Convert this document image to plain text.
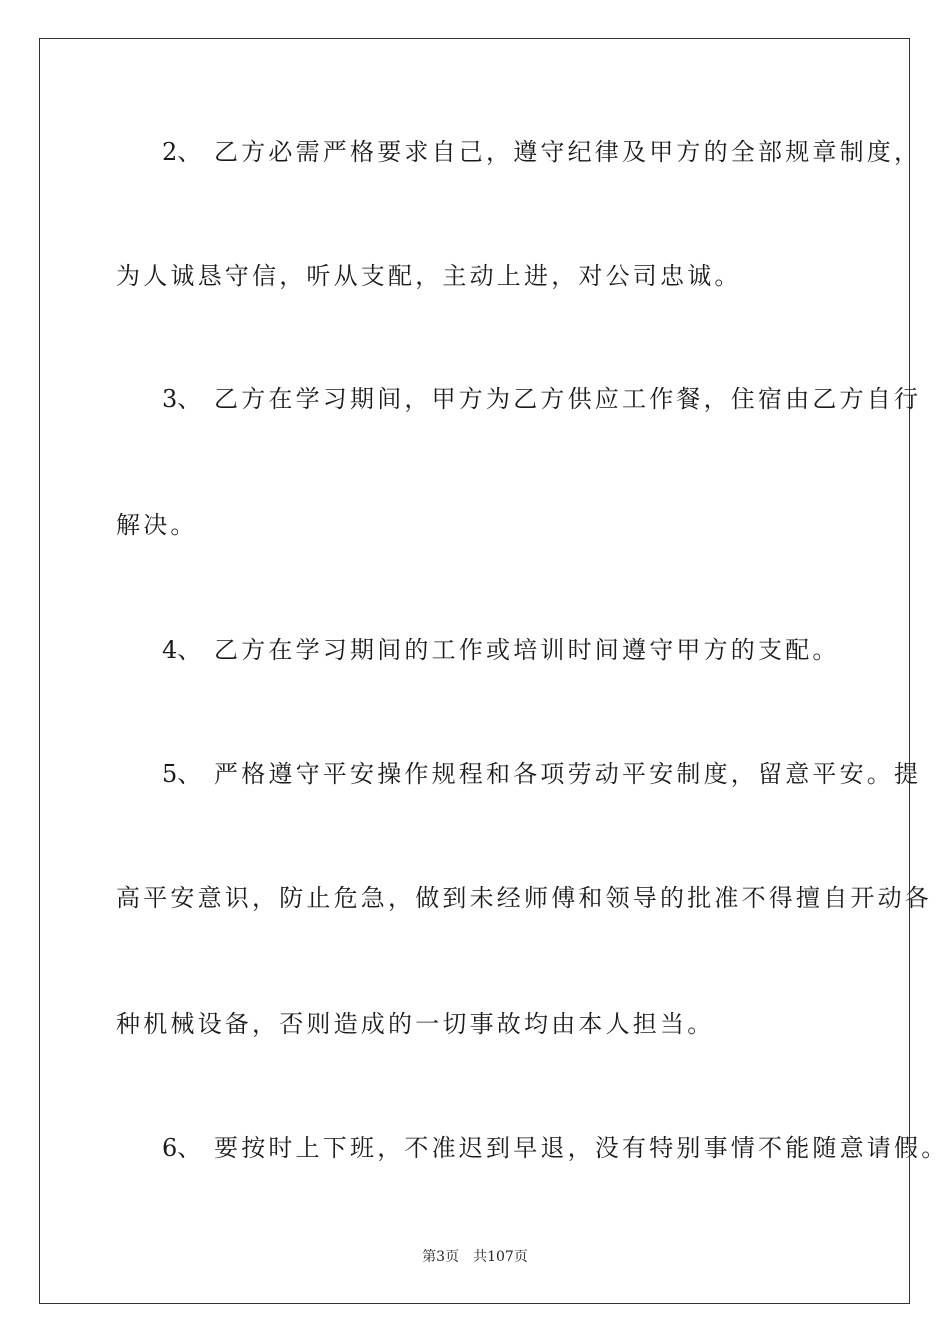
2、 乙方必需严格要求自己，遵守纪律及甲方的全部规章制度，
为人诚恳守信，听从支配，主动上进，对公司忠诚。
3、 乙方在学习期间，甲方为乙方供应工作餐，住宿由乙方自行
解决。
4、 乙方在学习期间的工作或培训时间遵守甲方的支配。
5、 严格遵守平安操作规程和各项劳动平安制度，留意平安。提
高平安意识，防止危急，做到未经师傅和领导的批准不得擅自开动各
种机械设备，否则造成的一切事故均由本人担当。
6、 要按时上下班，不准迟到早退，没有特别事情不能随意请假。
第3页 共107页
